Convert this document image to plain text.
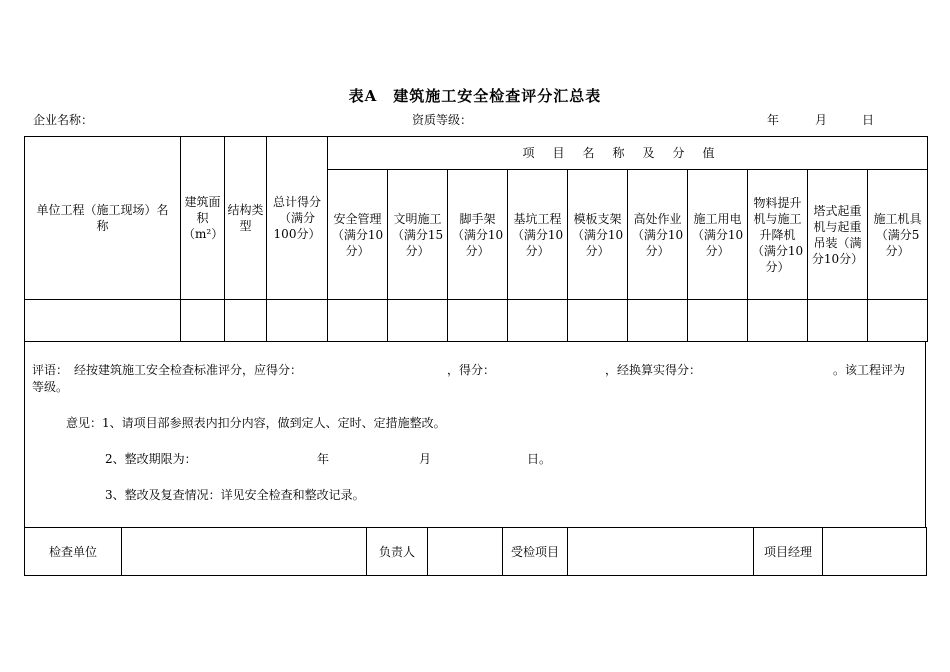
表A　建筑施工安全检查评分汇总表
企业名称：	资质等级：	年	月	日
单位工程（施工现场）名　称	建筑面积（m²）	结构类型	总计得分（满分100分）	项目名称及分值									
				安全管理（满分10分）	文明施工（满分15分）	脚手架（满分10分）	基坑工程（满分10分）	模板支架（满分10分）	高处作业（满分10分）	施工用电（满分10分）	物料提升机与施工升降机（满分10分）	塔式起重机与起重吊装（满分10分）	施工机具（满分5分）

评语：　经按建筑施工安全检查标准评分，应得分：	，得分：	，经换算实得分：	。该工程评为
等级。
意见：1、请项目部参照表内扣分内容，做到定人、定时、定措施整改。
2、整改期限为：	年	月	日。
3、整改及复查情况：详见安全检查和整改记录。
检查单位		负责人		受检项目		项目经理	
